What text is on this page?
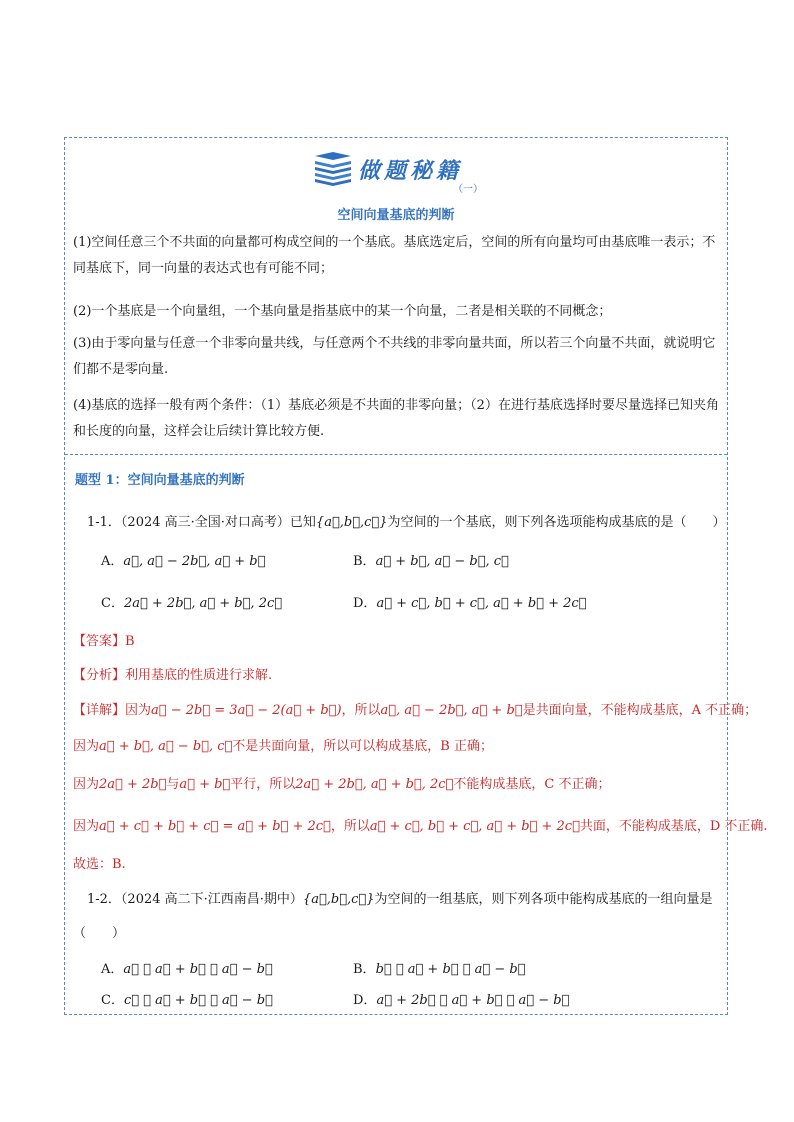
做题秘籍
（一）
空间向量基底的判断
(1)空间任意三个不共面的向量都可构成空间的一个基底。基底选定后，空间的所有向量均可由基底唯一表示；不同基底下，同一向量的表达式也有可能不同；
(2)一个基底是一个向量组，一个基向量是指基底中的某一个向量，二者是相关联的不同概念；
(3)由于零向量与任意一个非零向量共线，与任意两个不共线的非零向量共面，所以若三个向量不共面，就说明它们都不是零向量.
(4)基底的选择一般有两个条件：（1）基底必须是不共面的非零向量；（2）在进行基底选择时要尽量选择已知夹角和长度的向量，这样会让后续计算比较方便.
题型 1：空间向量基底的判断
1-1．（2024 高三·全国·对口高考）已知{a⃗,b⃗,c⃗}为空间的一个基底，则下列各选项能构成基底的是（　　）
A．a⃗, a⃗ − 2b⃗, a⃗ + b⃗	B．a⃗ + b⃗, a⃗ − b⃗, c⃗
C．2a⃗ + 2b⃗, a⃗ + b⃗, 2c⃗	D．a⃗ + c⃗, b⃗ + c⃗, a⃗ + b⃗ + 2c⃗
【答案】B
【分析】利用基底的性质进行求解.
【详解】因为a⃗ − 2b⃗ = 3a⃗ − 2(a⃗ + b⃗)，所以a⃗, a⃗ − 2b⃗, a⃗ + b⃗是共面向量，不能构成基底，A 不正确；
因为a⃗ + b⃗, a⃗ − b⃗, c⃗不是共面向量，所以可以构成基底，B 正确；
因为2a⃗ + 2b⃗与a⃗ + b⃗平行，所以2a⃗ + 2b⃗, a⃗ + b⃗, 2c⃗不能构成基底，C 不正确；
因为a⃗ + c⃗ + b⃗ + c⃗ = a⃗ + b⃗ + 2c⃗，所以a⃗ + c⃗, b⃗ + c⃗, a⃗ + b⃗ + 2c⃗共面，不能构成基底，D 不正确.
故选：B.
1-2．（2024 高二下·江西南昌·期中）{a⃗,b⃗,c⃗}为空间的一组基底，则下列各项中能构成基底的一组向量是
（　　）
A．a⃗ ， a⃗ + b⃗ ， a⃗ − b⃗	B．b⃗ ， a⃗ + b⃗ ， a⃗ − b⃗
C．c⃗ ， a⃗ + b⃗ ， a⃗ − b⃗	D．a⃗ + 2b⃗ ， a⃗ + b⃗ ， a⃗ − b⃗
